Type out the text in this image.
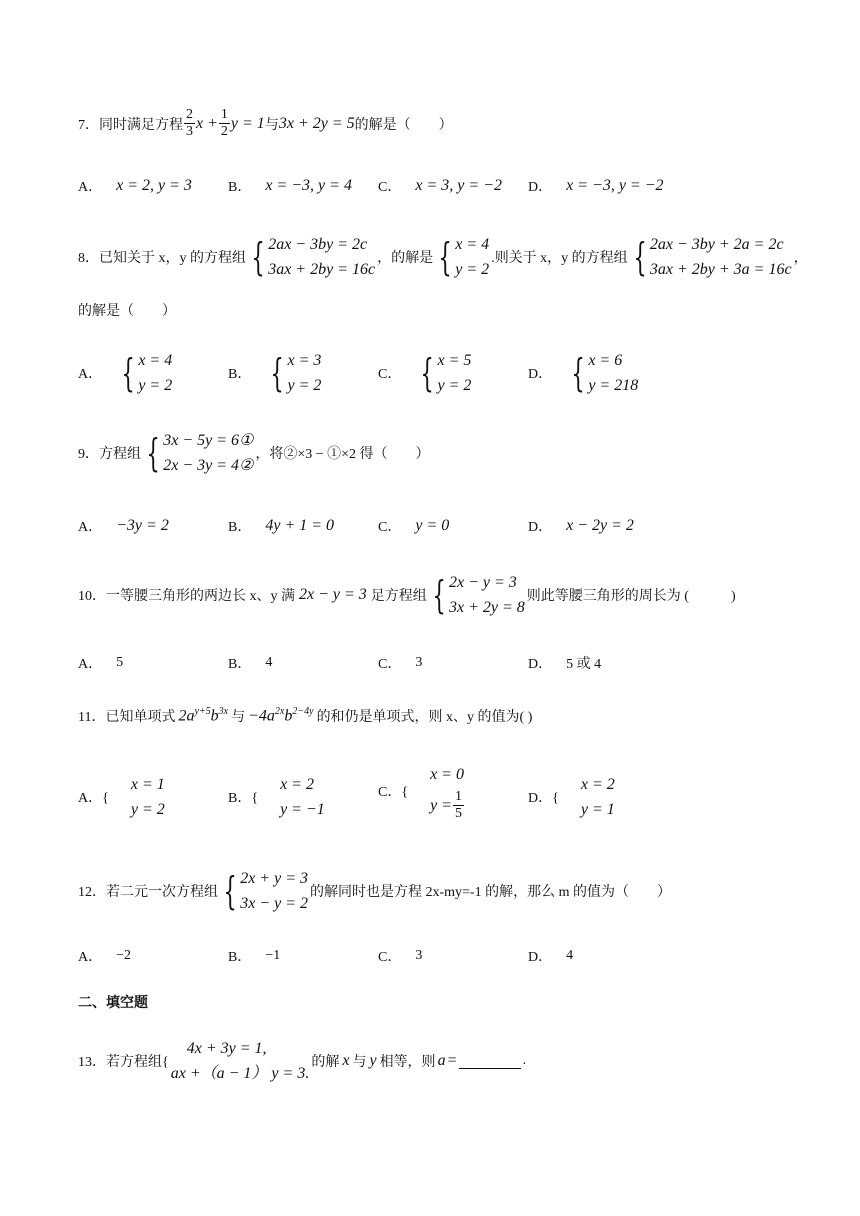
7． 同时满足方程 $\frac{2}{3}$ $x + \frac{1}{2}$ y = 1 与 3x + 2y = 5 的解是（　　）
A． x = 2, y = 3	B． x = −3, y = 4 C． x = 3, y = −2 D． x = −3, y = −2
8． 已知关于 x，y 的方程组 { 2ax − 3by = 2c
3ax + 2by = 16c
，的解是 { x = 4
y = 2
.则关于 x，y 的方程组 { 2ax − 3by + 2a = 2c
3ax + 2by + 3a = 16c
，
的解是（　　）
A． { x = 4
y = 2
B． { x = 3
y = 2
C． { x = 5
y = 2
D． { x = 6
y = 218
9． 方程组 { 3x − 5y = 6①
2x − 3y = 4②
，将②×3 − ①×2 得（　　）
A． −3y = 2	B． 4y + 1 = 0	C． y = 0	D． x − 2y = 2
10． 一等腰三角形的两边长 x、y 满 2x − y = 3 足方程组 { 2x − y = 3
3x + 2y = 8
则此等腰三角形的周长为 (　　　)
A． 5	B． 4	C． 3	D． 5 或 4
11． 已知单项式 $2a^{y+5}b^{3x}$ 与 $-4a^{2x}b^{2-4y}$ 的和仍是单项式，则 x、y 的值为( )
A．{
x = 1
y = 2
B．{
x = 2
y = −1
C．{
x = 0
$y = \frac{1}{5}$	D．{
x = 2
y = 1
12． 若二元一次方程组 { 2x + y = 3
3x − y = 2
的解同时也是方程 2x-my=-1 的解，那么 m 的值为（　　）
A． −2	B． −1	C． 3	D． 4
二、填空题
13． 若方程组{
4x + 3y = 1,
ax +（a − 1） y = 3.
的解 x 与 y 相等，则 a =	.
